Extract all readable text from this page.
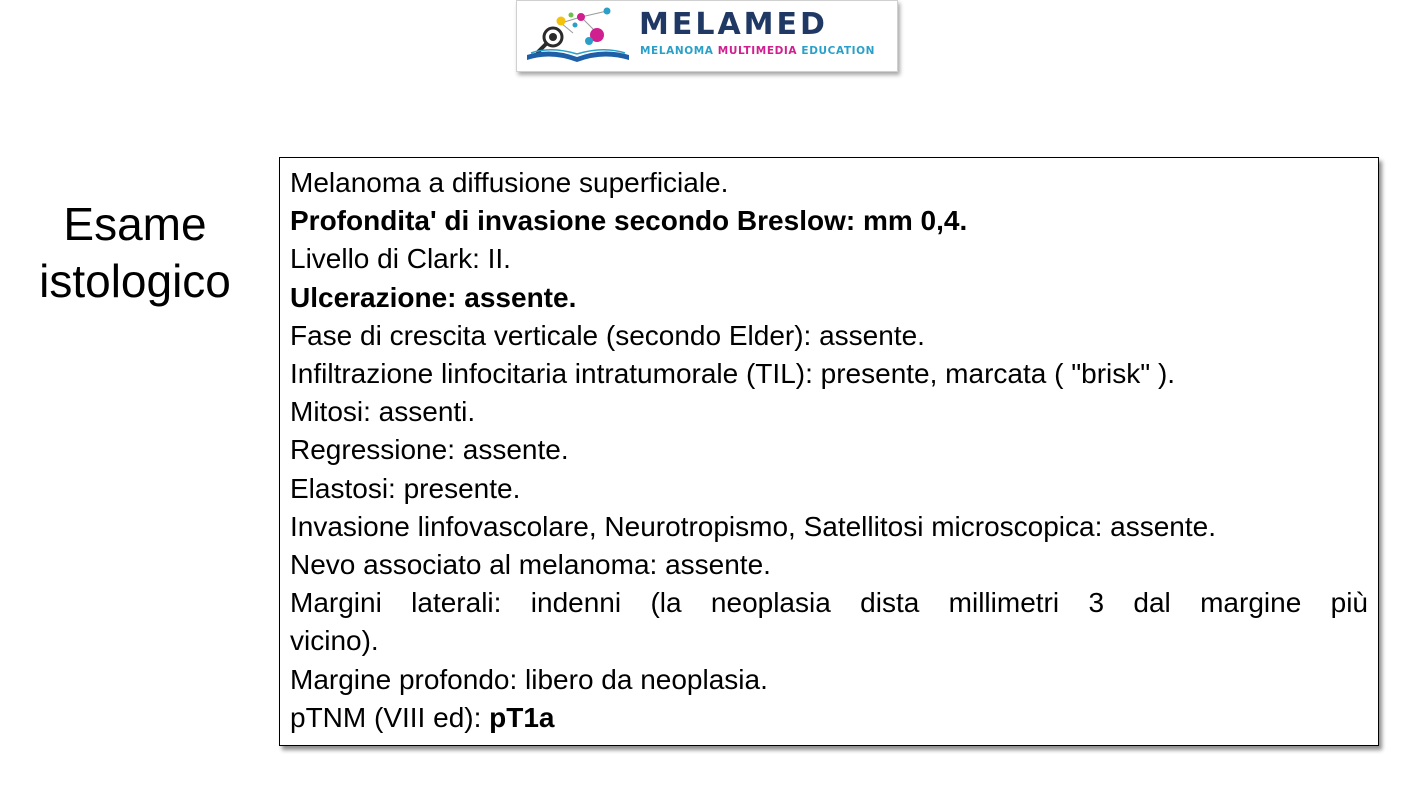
MELAMED
MELANOMA MULTIMEDIA EDUCATION
Esame
istologico
Melanoma a diffusione superficiale.
Profondita' di invasione secondo Breslow: mm 0,4.
Livello di Clark: II.
Ulcerazione: assente.
Fase di crescita verticale (secondo Elder): assente.
Infiltrazione linfocitaria intratumorale (TIL): presente, marcata ( "brisk" ).
Mitosi: assenti.
Regressione: assente.
Elastosi: presente.
Invasione linfovascolare, Neurotropismo, Satellitosi microscopica: assente.
Nevo associato al melanoma: assente.
Margini laterali: indenni (la neoplasia dista millimetri 3 dal margine più
vicino).
Margine profondo: libero da neoplasia.
pTNM (VIII ed): pT1a
